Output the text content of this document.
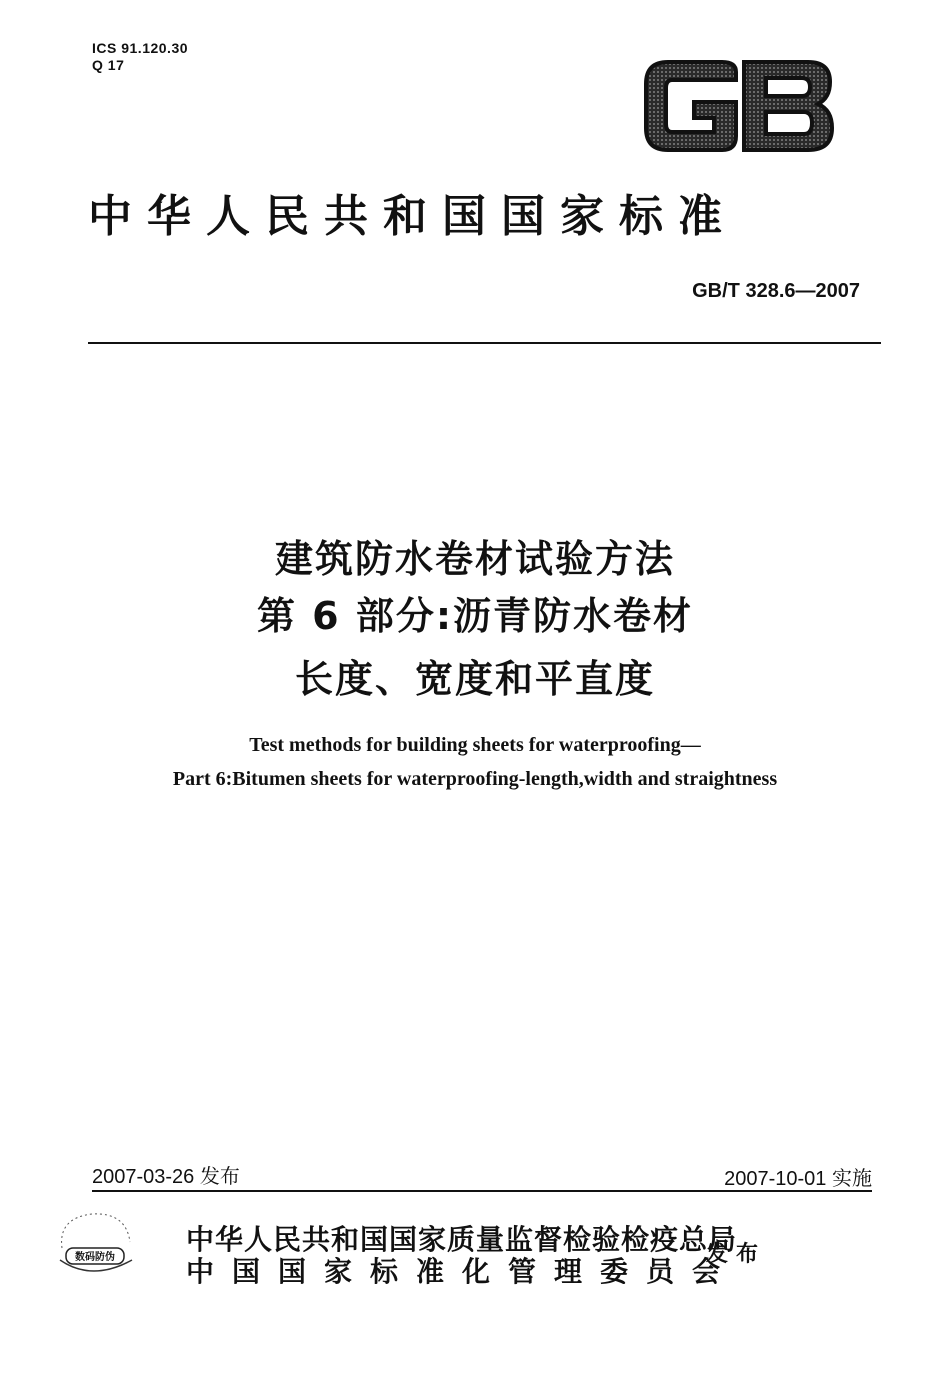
ICS 91.120.30
Q 17
中华人民共和国国家标准
GB/T 328.6—2007
建筑防水卷材试验方法
第 6 部分:沥青防水卷材
长度、宽度和平直度
Test methods for building sheets for waterproofing—
Part 6:Bitumen sheets for waterproofing-length,width and straightness
2007-03-26 发布	2007-10-01 实施
数码防伪
中华人民共和国国家质量监督检验检疫总局
中国国家标准化管理委员会
发布
